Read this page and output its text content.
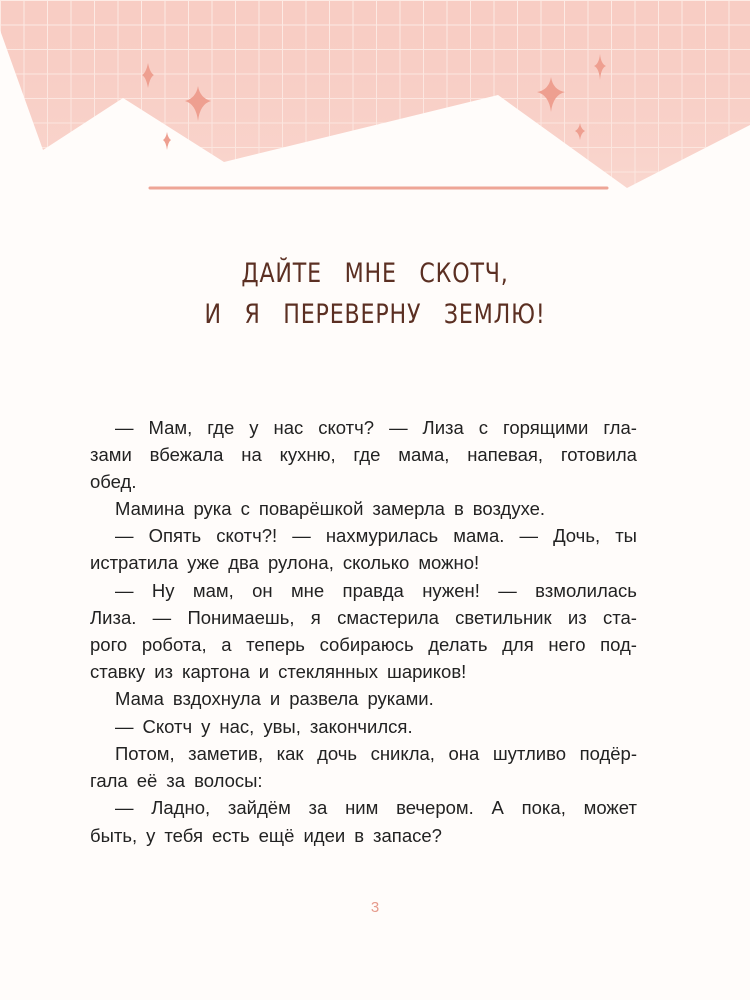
ДАЙТЕ МНЕ СКОТЧ,
И Я ПЕРЕВЕРНУ ЗЕМЛЮ!
— Мам, где у нас скотч? — Лиза с горящими гла-
зами вбежала на кухню, где мама, напевая, готовила
обед.
Мамина рука с поварёшкой замерла в воздухе.
— Опять скотч?! — нахмурилась мама. — Дочь, ты
истратила уже два рулона, сколько можно!
— Ну мам, он мне правда нужен! — взмолилась
Лиза. — Понимаешь, я смастерила светильник из ста-
рого робота, а теперь собираюсь делать для него под-
ставку из картона и стеклянных шариков!
Мама вздохнула и развела руками.
— Скотч у нас, увы, закончился.
Потом, заметив, как дочь сникла, она шутливо подёр-
гала её за волосы:
— Ладно, зайдём за ним вечером. А пока, может
быть, у тебя есть ещё идеи в запасе?
3
